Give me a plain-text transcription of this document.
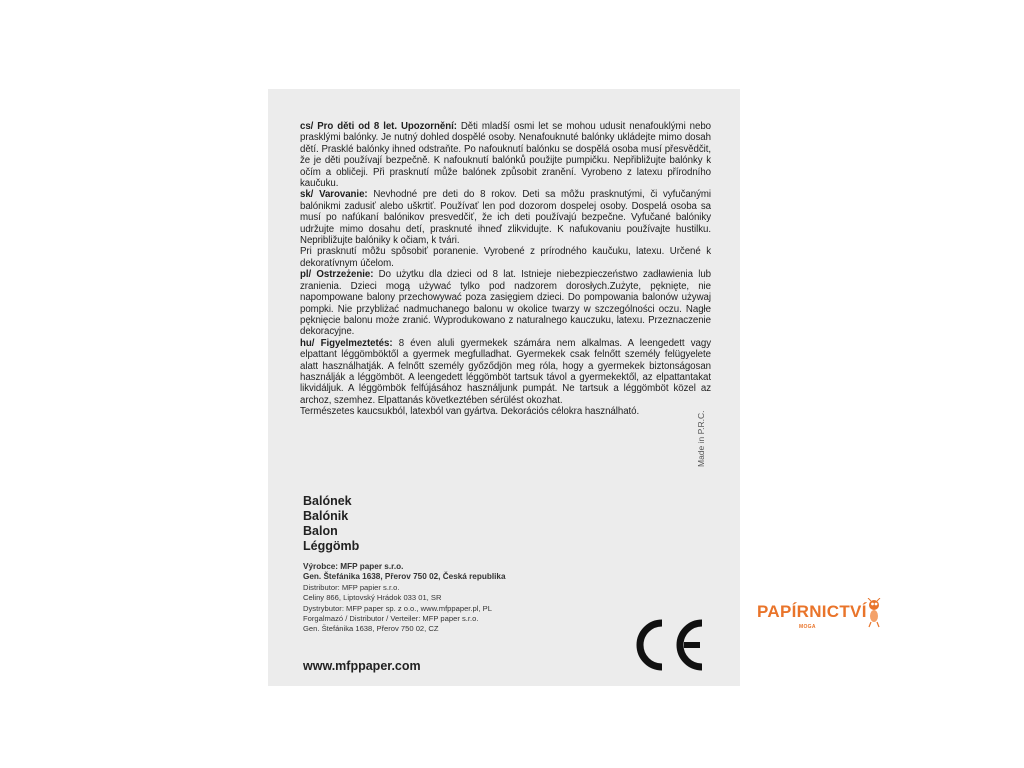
cs/ Pro děti od 8 let. Upozornění: Děti mladší osmi let se mohou udusit nenafouklými nebo prasklými balónky. Je nutný dohled dospělé osoby. Nenafouknuté balónky ukládejte mimo dosah dětí. Prasklé balónky ihned odstraňte. Po nafouknutí balónku se dospělá osoba musí přesvědčit, že je děti používají bezpečně. K nafouknutí balónků použijte pumpičku. Nepřibližujte balónky k očím a obličeji. Při prasknutí může balónek způsobit zranění. Vyrobeno z latexu přírodního kaučuku.

sk/ Varovanie: Nevhodné pre deti do 8 rokov. Deti sa môžu prasknutými, či vyfučanými balónikmi zadusiť alebo uškrtiť. Používať len pod dozorom dospelej osoby. Dospelá osoba sa musí po nafúkaní balónikov presvedčiť, že ich deti používajú bezpečne. Vyfučané balóniky udržujte mimo dosahu detí, prasknuté ihneď zlikvidujte. K nafukovaniu používajte hustilku. Nepribližujte balóniky k očiam, k tvári.

Pri prasknutí môžu spôsobiť poranenie. Vyrobené z prírodného kaučuku, latexu. Určené k dekoratívnym účelom.

pl/ Ostrzeżenie: Do użytku dla dzieci od 8 lat. Istnieje niebezpieczeństwo zadławienia lub zranienia. Dzieci mogą używać tylko pod nadzorem dorosłych.Zużyte, pęknięte, nie napompowane balony przechowywać poza zasięgiem dzieci. Do pompowania balonów używaj pompki. Nie przybliżać nadmuchanego balonu w okolice twarzy w szczególności oczu. Nagłe pęknięcie balonu może zranić. Wyprodukowano z naturalnego kauczuku, latexu. Przeznaczenie dekoracyjne.

hu/ Figyelmeztetés: 8 éven aluli gyermekek számára nem alkalmas. A leengedett vagy elpattant léggömböktől a gyermek megfulladhat. Gyermekek csak felnőtt személy felügyelete alatt használhatják. A felnőtt személy győződjön meg róla, hogy a gyermekek biztonságosan használják a léggömböt. A leengedett léggömböt tartsuk távol a gyermekektől, az elpattantakat likvidáljuk. A léggömbök felfújásához használjunk pumpát. Ne tartsuk a léggömböt közel az archoz, szemhez. Elpattanás következtében sérülést okozhat.

Természetes kaucsukból, latexból van gyártva. Dekorációs célokra használható.	Made in P.R.C.
Balónek
Balónik
Balon
Léggömb
Výrobce: MFP paper s.r.o.
Gen. Štefánika 1638, Přerov 750 02, Česká republika
Distributor: MFP papier s.r.o.
Celiny 866, Liptovský Hrádok 033 01, SR
Dystrybutor: MFP paper sp. z o.o., www.mfppaper.pl, PL
Forgalmazó / Distributor / Verteiler: MFP paper s.r.o.
Gen. Štefánika 1638, Přerov 750 02, CZ
www.mfppaper.com
PAPÍRNICTVÍ
MOGA
